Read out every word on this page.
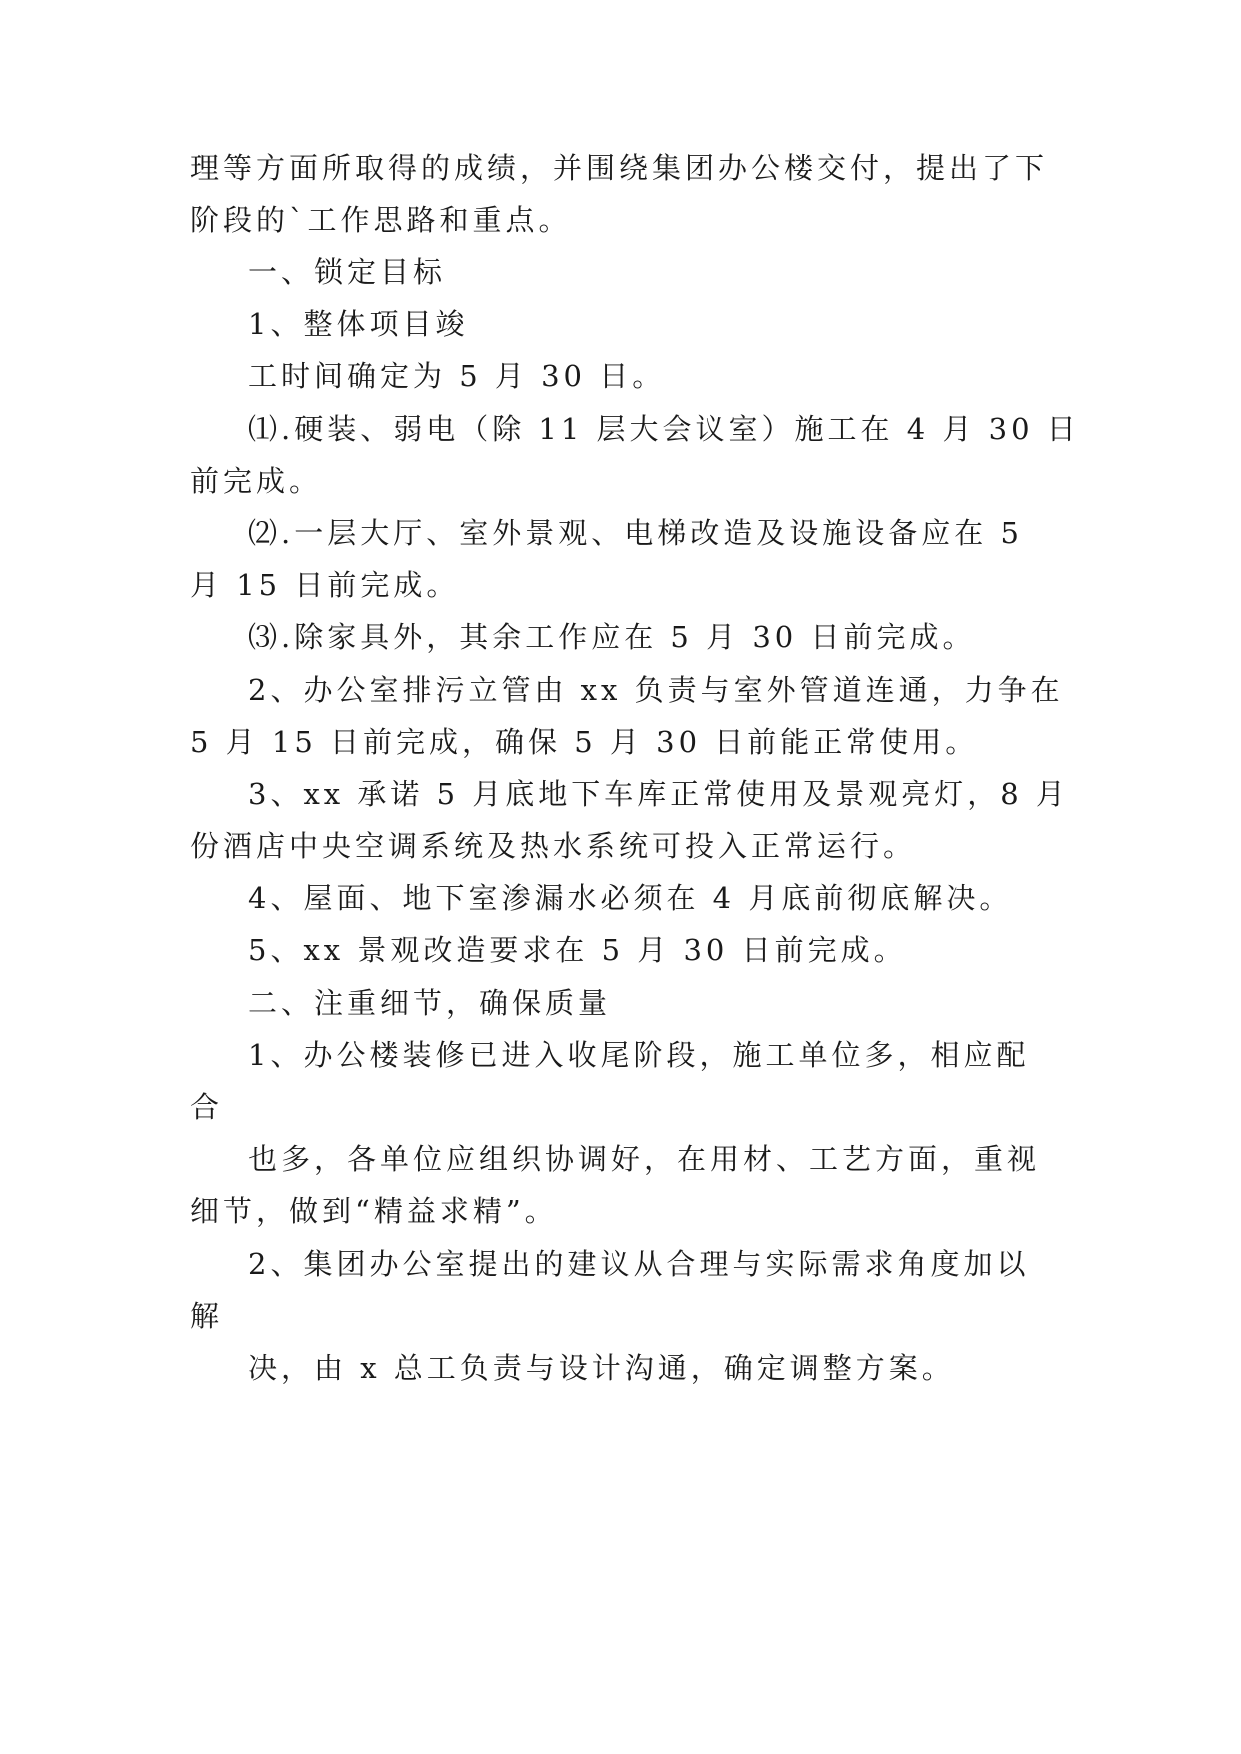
理等方面所取得的成绩，并围绕集团办公楼交付，提出了下
阶段的`工作思路和重点。
一、锁定目标
1、整体项目竣
工时间确定为 5 月 30 日。
⑴.硬装、弱电（除 11 层大会议室）施工在 4 月 30 日
前完成。
⑵.一层大厅、室外景观、电梯改造及设施设备应在 5
月 15 日前完成。
⑶.除家具外，其余工作应在 5 月 30 日前完成。
2、办公室排污立管由 xx 负责与室外管道连通，力争在
5 月 15 日前完成，确保 5 月 30 日前能正常使用。
3、xx 承诺 5 月底地下车库正常使用及景观亮灯，8 月
份酒店中央空调系统及热水系统可投入正常运行。
4、屋面、地下室渗漏水必须在 4 月底前彻底解决。
5、xx 景观改造要求在 5 月 30 日前完成。
二、注重细节，确保质量
1、办公楼装修已进入收尾阶段，施工单位多，相应配
合
也多，各单位应组织协调好，在用材、工艺方面，重视
细节，做到“精益求精”。
2、集团办公室提出的建议从合理与实际需求角度加以
解
决，由 x 总工负责与设计沟通，确定调整方案。
